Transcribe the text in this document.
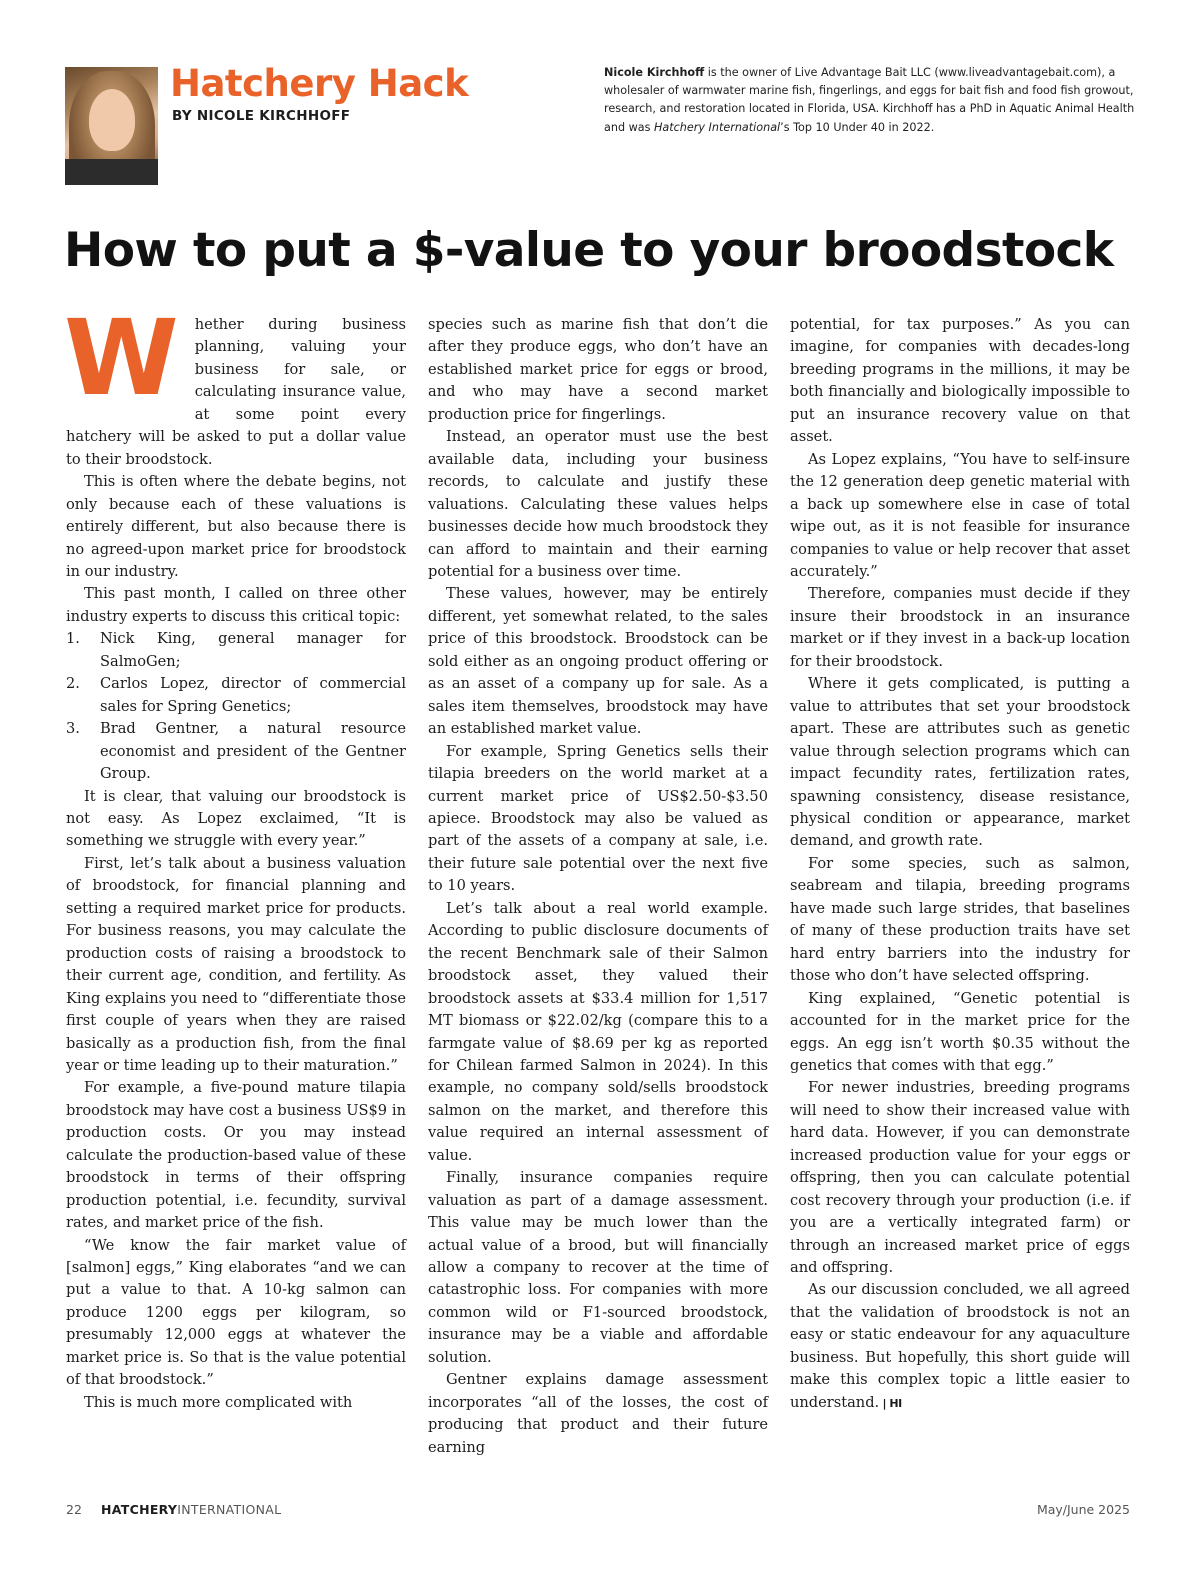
Hatchery Hack
BY NICOLE KIRCHHOFF

Nicole Kirchhoff is the owner of Live Advantage Bait LLC (www.liveadvantagebait.com), a wholesaler of warmwater marine fish, fingerlings, and eggs for bait fish and food fish growout, research, and restoration located in Florida, USA. Kirchhoff has a PhD in Aquatic Animal Health and was Hatchery International’s Top 10 Under 40 in 2022.

How to put a $-value to your broodstock

W hether during business planning, valuing your business for sale, or calculating insurance value, at some point every hatchery will be asked to put a dollar value to their broodstock.

This is often where the debate begins, not only because each of these valuations is entirely different, but also because there is no agreed-upon market price for broodstock in our industry.

This past month, I called on three other industry experts to discuss this critical topic:

1. Nick King, general manager for SalmoGen;
2. Carlos Lopez, director of commercial sales for Spring Genetics;
3. Brad Gentner, a natural resource economist and president of the Gentner Group.

It is clear, that valuing our broodstock is not easy. As Lopez exclaimed, “It is something we struggle with every year.”

First, let’s talk about a business valuation of broodstock, for financial planning and setting a required market price for products. For business reasons, you may calculate the production costs of raising a broodstock to their current age, condition, and fertility. As King explains you need to “differentiate those first couple of years when they are raised basically as a production fish, from the final year or time leading up to their maturation.”

For example, a five-pound mature tilapia broodstock may have cost a business US$9 in production costs. Or you may instead calculate the production-based value of these broodstock in terms of their offspring production potential, i.e. fecundity, survival rates, and market price of the fish.

“We know the fair market value of [salmon] eggs,” King elaborates “and we can put a value to that. A 10-kg salmon can produce 1200 eggs per kilogram, so presumably 12,000 eggs at whatever the market price is. So that is the value potential of that broodstock.”

This is much more complicated with

species such as marine fish that don’t die after they produce eggs, who don’t have an established market price for eggs or brood, and who may have a second market production price for fingerlings.

Instead, an operator must use the best available data, including your business records, to calculate and justify these valuations. Calculating these values helps businesses decide how much broodstock they can afford to maintain and their earning potential for a business over time.

These values, however, may be entirely different, yet somewhat related, to the sales price of this broodstock. Broodstock can be sold either as an ongoing product offering or as an asset of a company up for sale. As a sales item themselves, broodstock may have an established market value.

For example, Spring Genetics sells their tilapia breeders on the world market at a current market price of US$2.50-$3.50 apiece. Broodstock may also be valued as part of the assets of a company at sale, i.e. their future sale potential over the next five to 10 years.

Let’s talk about a real world example. According to public disclosure documents of the recent Benchmark sale of their Salmon broodstock asset, they valued their broodstock assets at $33.4 million for 1,517 MT biomass or $22.02/kg (compare this to a farmgate value of $8.69 per kg as reported for Chilean farmed Salmon in 2024). In this example, no company sold/sells broodstock salmon on the market, and therefore this value required an internal assessment of value.

Finally, insurance companies require valuation as part of a damage assessment. This value may be much lower than the actual value of a brood, but will financially allow a company to recover at the time of catastrophic loss. For companies with more common wild or F1-sourced broodstock, insurance may be a viable and affordable solution.

Gentner explains damage assessment incorporates “all of the losses, the cost of producing that product and their future earning

potential, for tax purposes.” As you can imagine, for companies with decades-long breeding programs in the millions, it may be both financially and biologically impossible to put an insurance recovery value on that asset.

As Lopez explains, “You have to self-insure the 12 generation deep genetic material with a back up somewhere else in case of total wipe out, as it is not feasible for insurance companies to value or help recover that asset accurately.”

Therefore, companies must decide if they insure their broodstock in an insurance market or if they invest in a back-up location for their broodstock.

Where it gets complicated, is putting a value to attributes that set your broodstock apart. These are attributes such as genetic value through selection programs which can impact fecundity rates, fertilization rates, spawning consistency, disease resistance, physical condition or appearance, market demand, and growth rate.

For some species, such as salmon, seabream and tilapia, breeding programs have made such large strides, that baselines of many of these production traits have set hard entry barriers into the industry for those who don’t have selected offspring.

King explained, “Genetic potential is accounted for in the market price for the eggs. An egg isn’t worth $0.35 without the genetics that comes with that egg.”

For newer industries, breeding programs will need to show their increased value with hard data. However, if you can demonstrate increased production value for your eggs or offspring, then you can calculate potential cost recovery through your production (i.e. if you are a vertically integrated farm) or through an increased market price of eggs and offspring.

As our discussion concluded, we all agreed that the validation of broodstock is not an easy or static endeavour for any aquaculture business. But hopefully, this short guide will make this complex topic a little easier to understand. | HI

22 HATCHERYINTERNATIONAL	May/June 2025
